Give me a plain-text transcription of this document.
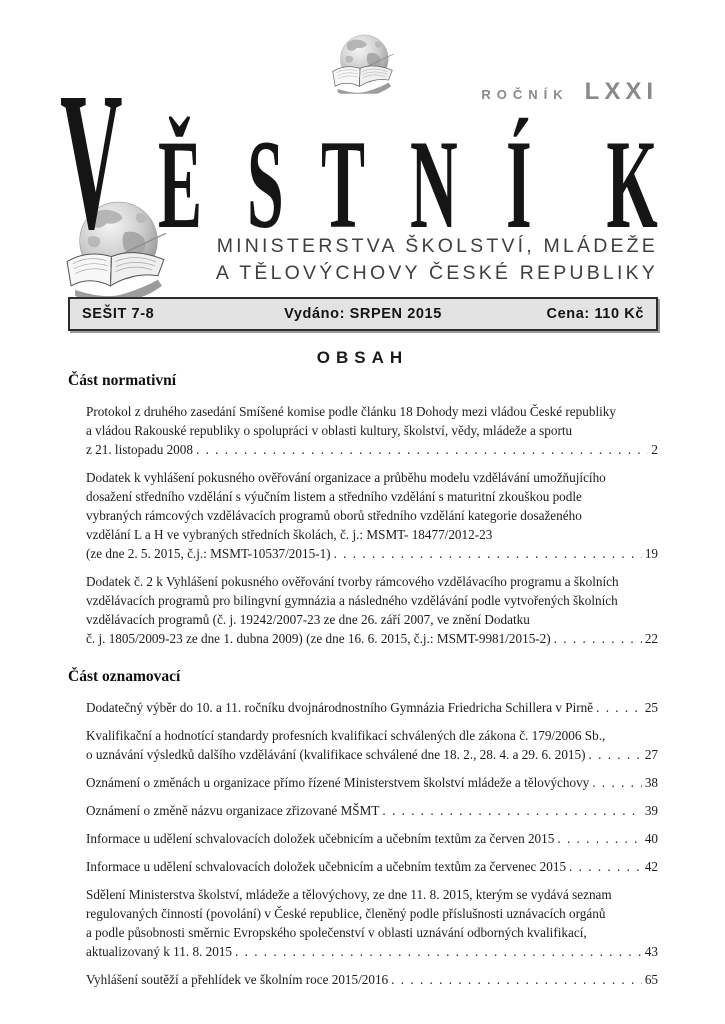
ROČNÍK LXXI
V Ě S T N Í K
MINISTERSTVA ŠKOLSTVÍ, MLÁDEŽE
A TĚLOVÝCHOVY ČESKÉ REPUBLIKY
SEŠIT 7-8	Vydáno: SRPEN 2015	Cena: 110 Kč
OBSAH
Část normativní
Protokol z druhého zasedání Smíšené komise podle článku 18 Dohody mezi vládou České republiky
a vládou Rakouské republiky o spolupráci v oblasti kultury, školství, vědy, mládeže a sportu
z 21. listopadu 2008 . . .	2
Dodatek k vyhlášení pokusného ověřování organizace a průběhu modelu vzdělávání umožňujícího
dosažení středního vzdělání s výučním listem a středního vzdělání s maturitní zkouškou podle
vybraných rámcových vzdělávacích programů oborů středního vzdělání kategorie dosaženého
vzdělání L a H ve vybraných středních školách, č. j.: MSMT- 18477/2012-23
(ze dne 2. 5. 2015, č.j.: MSMT-10537/2015-1) . . .	19
Dodatek č. 2 k Vyhlášení pokusného ověřování tvorby rámcového vzdělávacího programu a školních
vzdělávacích programů pro bilingvní gymnázia a následného vzdělávání podle vytvořených školních
vzdělávacích programů (č. j. 19242/2007-23 ze dne 26. září 2007, ve znění Dodatku
č. j. 1805/2009-23 ze dne 1. dubna 2009) (ze dne 16. 6. 2015, č.j.: MSMT-9981/2015-2) . . .	22
Část oznamovací
Dodatečný výběr do 10. a 11. ročníku dvojnárodnostního Gymnázia Friedricha Schillera v Pirně . . .	25
Kvalifikační a hodnotící standardy profesních kvalifikací schválených dle zákona č. 179/2006 Sb.,
o uznávání výsledků dalšího vzdělávání (kvalifikace schválené dne 18. 2., 28. 4. a 29. 6. 2015) . . .	27
Oznámení o změnách u organizace přímo řízené Ministerstvem školství mládeže a tělovýchovy . . .	38
Oznámení o změně názvu organizace zřizované MŠMT . . .	39
Informace u udělení schvalovacích doložek učebnicím a učebním textům za červen 2015 . . .	40
Informace u udělení schvalovacích doložek učebnicím a učebním textům za červenec 2015 . . .	42
Sdělení Ministerstva školství, mládeže a tělovýchovy, ze dne 11. 8. 2015, kterým se vydává seznam
regulovaných činností (povolání) v České republice, členěný podle příslušnosti uznávacích orgánů
a podle působnosti směrnic Evropského společenství v oblasti uznávání odborných kvalifikací,
aktualizovaný k 11. 8. 2015 . . .	43
Vyhlášení soutěží a přehlídek ve školním roce 2015/2016 . . .	65
